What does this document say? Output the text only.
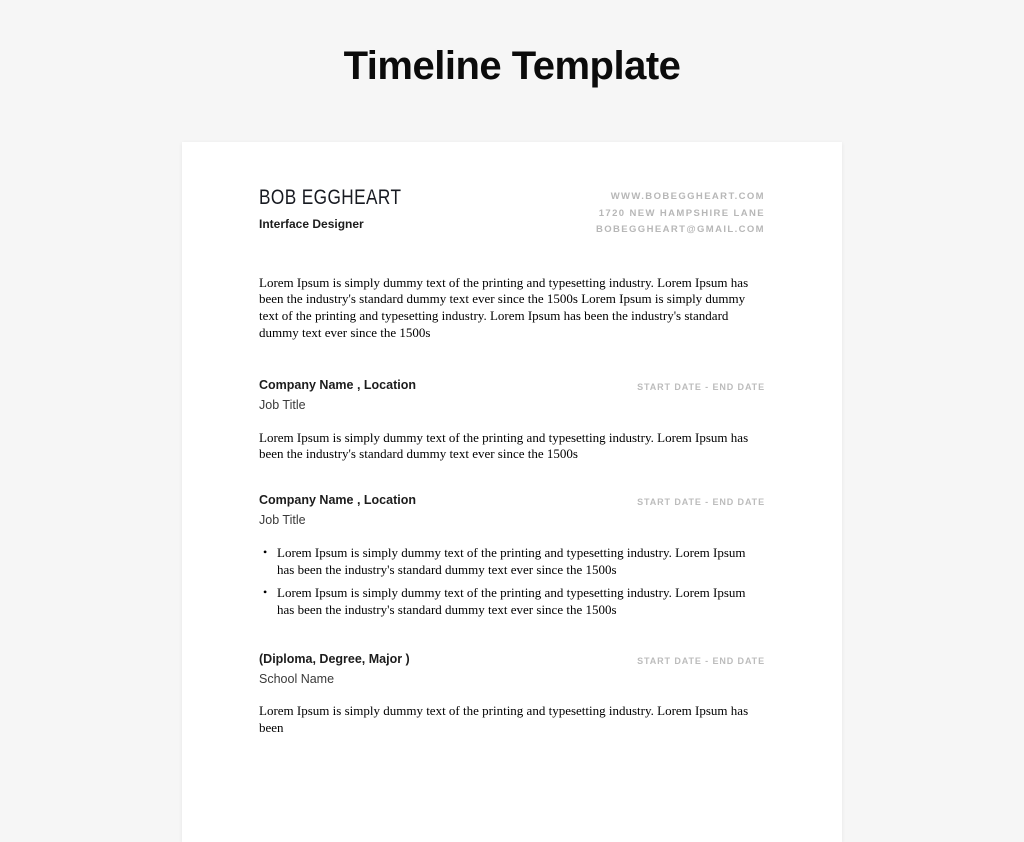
Timeline Template
BOB EGGHEART
Interface Designer
WWW.BOBEGGHEART.COM
1720 NEW HAMPSHIRE LANE
BOBEGGHEART@GMAIL.COM

Lorem Ipsum is simply dummy text of the printing and typesetting industry. Lorem Ipsum has been the industry's standard dummy text ever since the 1500s Lorem Ipsum is simply dummy text of the printing and typesetting industry. Lorem Ipsum has been the industry's standard dummy text ever since the 1500s

Company Name , Location
Job Title
START DATE - END DATE

Lorem Ipsum is simply dummy text of the printing and typesetting industry. Lorem Ipsum has been the industry's standard dummy text ever since the 1500s

Company Name , Location
Job Title
START DATE - END DATE
• Lorem Ipsum is simply dummy text of the printing and typesetting industry. Lorem Ipsum has been the industry's standard dummy text ever since the 1500s
• Lorem Ipsum is simply dummy text of the printing and typesetting industry. Lorem Ipsum has been the industry's standard dummy text ever since the 1500s
(Diploma, Degree, Major )
School Name
START DATE - END DATE

Lorem Ipsum is simply dummy text of the printing and typesetting industry. Lorem Ipsum has been
